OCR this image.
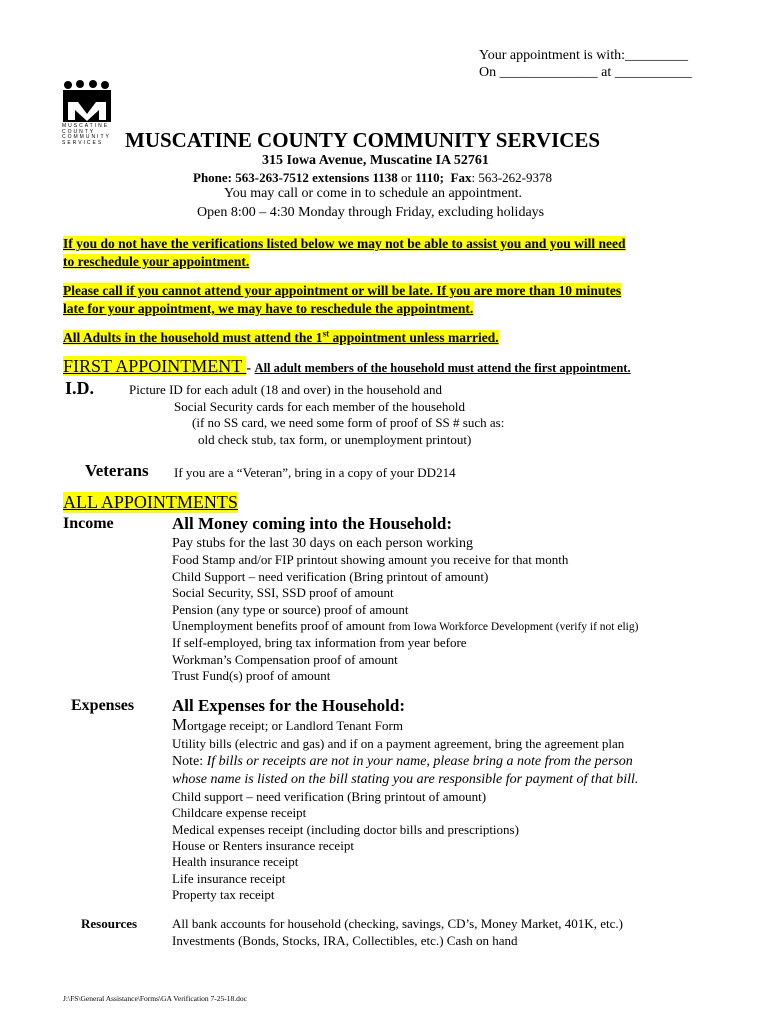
Your appointment is with:_________
On ______________ at ___________
MUSCATINE
COUNTY
COMMUNITY
SERVICES	MUSCATINE COUNTY COMMUNITY SERVICES
315 Iowa Avenue, Muscatine IA 52761
Phone: 563-263-7512 extensions 1138 or 1110; Fax: 563-262-9378
You may call or come in to schedule an appointment.
Open 8:00 – 4:30 Monday through Friday, excluding holidays
If you do not have the verifications listed below we may not be able to assist you and you will need
to reschedule your appointment.
Please call if you cannot attend your appointment or will be late. If you are more than 10 minutes
late for your appointment, we may have to reschedule the appointment.
All Adults in the household must attend the 1st appointment unless married.
FIRST APPOINTMENT - All adult members of the household must attend the first appointment.
I.D.	Picture ID for each adult (18 and over) in the household and
Social Security cards for each member of the household
(if no SS card, we need some form of proof of SS # such as:
old check stub, tax form, or unemployment printout)
Veterans If you are a “Veteran”, bring in a copy of your DD214
ALL APPOINTMENTS
Income	All Money coming into the Household:
Pay stubs for the last 30 days on each person working
Food Stamp and/or FIP printout showing amount you receive for that month
Child Support – need verification (Bring printout of amount)
Social Security, SSI, SSD proof of amount
Pension (any type or source) proof of amount
Unemployment benefits proof of amount from Iowa Workforce Development (verify if not elig)
If self-employed, bring tax information from year before
Workman’s Compensation proof of amount
Trust Fund(s) proof of amount
Expenses All Expenses for the Household:
Mortgage receipt; or Landlord Tenant Form
Utility bills (electric and gas) and if on a payment agreement, bring the agreement plan
Note: If bills or receipts are not in your name, please bring a note from the person
whose name is listed on the bill stating you are responsible for payment of that bill.
Child support – need verification (Bring printout of amount)
Childcare expense receipt
Medical expenses receipt (including doctor bills and prescriptions)
House or Renters insurance receipt
Health insurance receipt
Life insurance receipt
Property tax receipt
Resources	All bank accounts for household (checking, savings, CD’s, Money Market, 401K, etc.)
Investments (Bonds, Stocks, IRA, Collectibles, etc.) Cash on hand
J:\FS\General Assistance\Forms\GA Verification 7-25-18.doc
